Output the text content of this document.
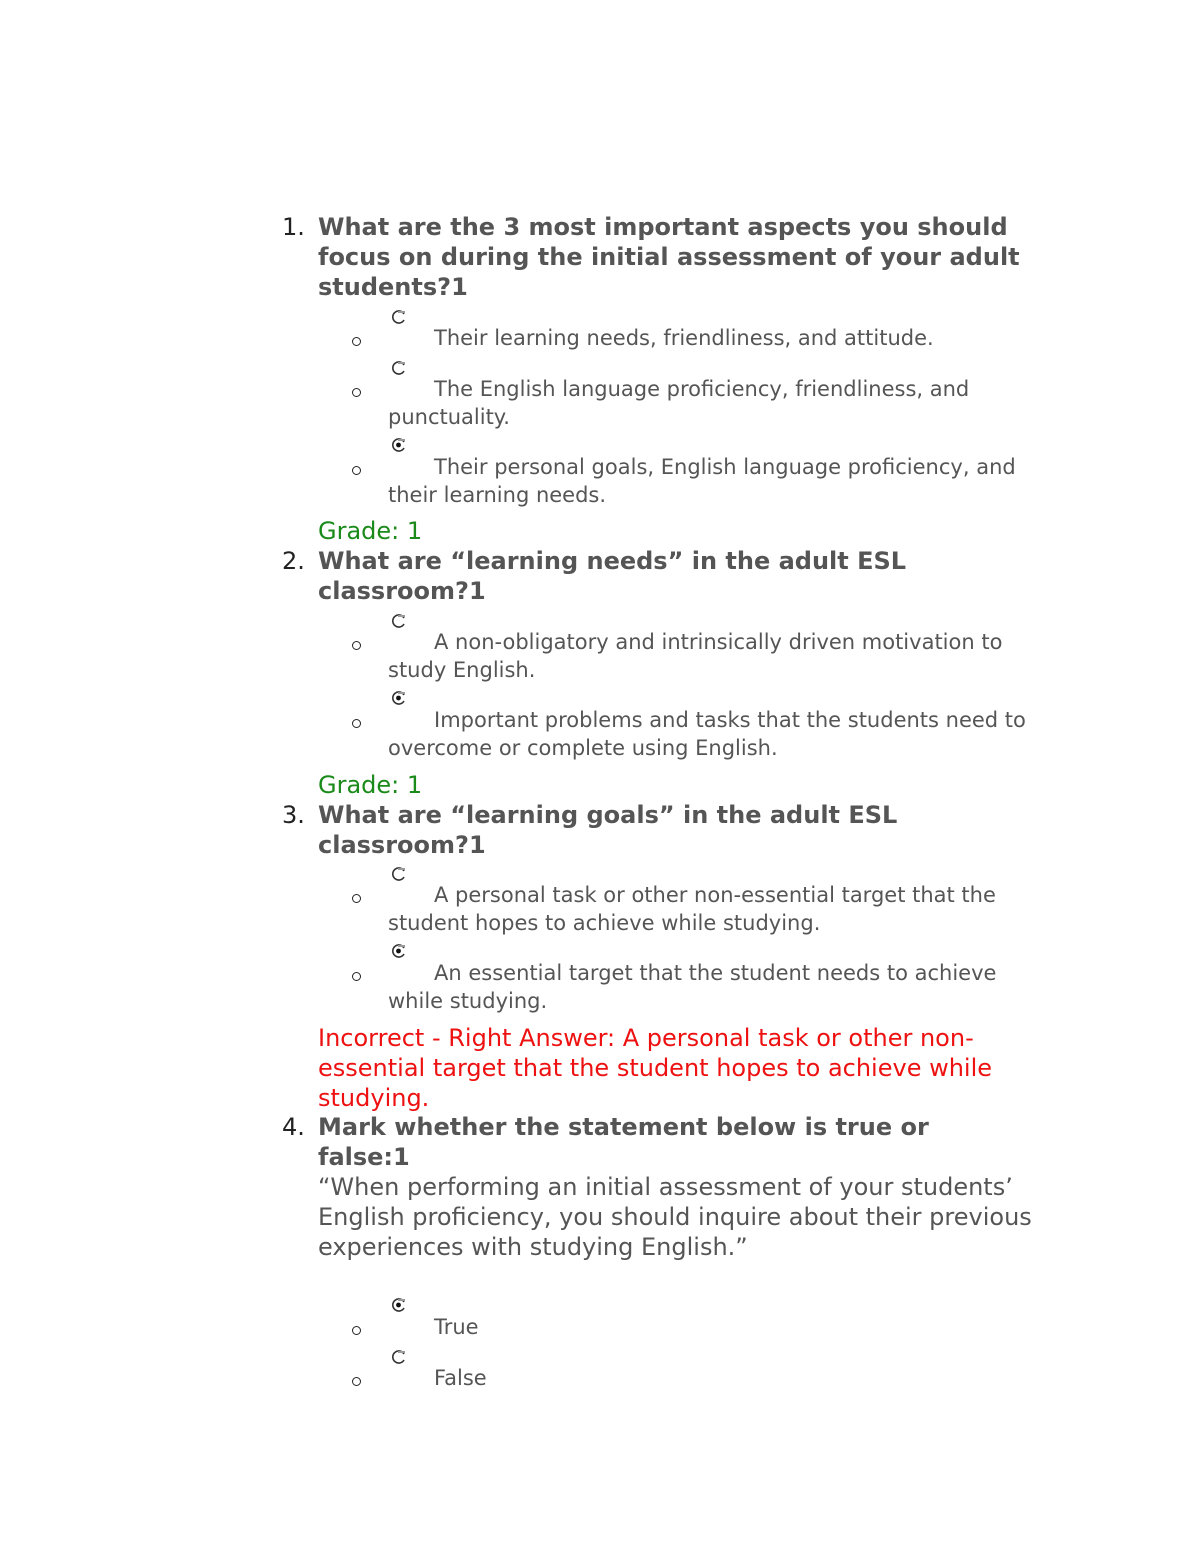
1. What are the 3 most important aspects you should focus on during the initial assessment of your adult students?1
Their learning needs, friendliness, and attitude.
The English language proficiency, friendliness, and punctuality.
Their personal goals, English language proficiency, and their learning needs.
Grade: 1
2. What are “learning needs” in the adult ESL classroom?1
A non-obligatory and intrinsically driven motivation to study English.
Important problems and tasks that the students need to overcome or complete using English.
Grade: 1
3. What are “learning goals” in the adult ESL classroom?1
A personal task or other non-essential target that the student hopes to achieve while studying.
An essential target that the student needs to achieve while studying.
Incorrect - Right Answer: A personal task or other non-essential target that the student hopes to achieve while studying.
4. Mark whether the statement below is true or false:1
“When performing an initial assessment of your students’ English proficiency, you should inquire about their previous experiences with studying English.”
True
False
